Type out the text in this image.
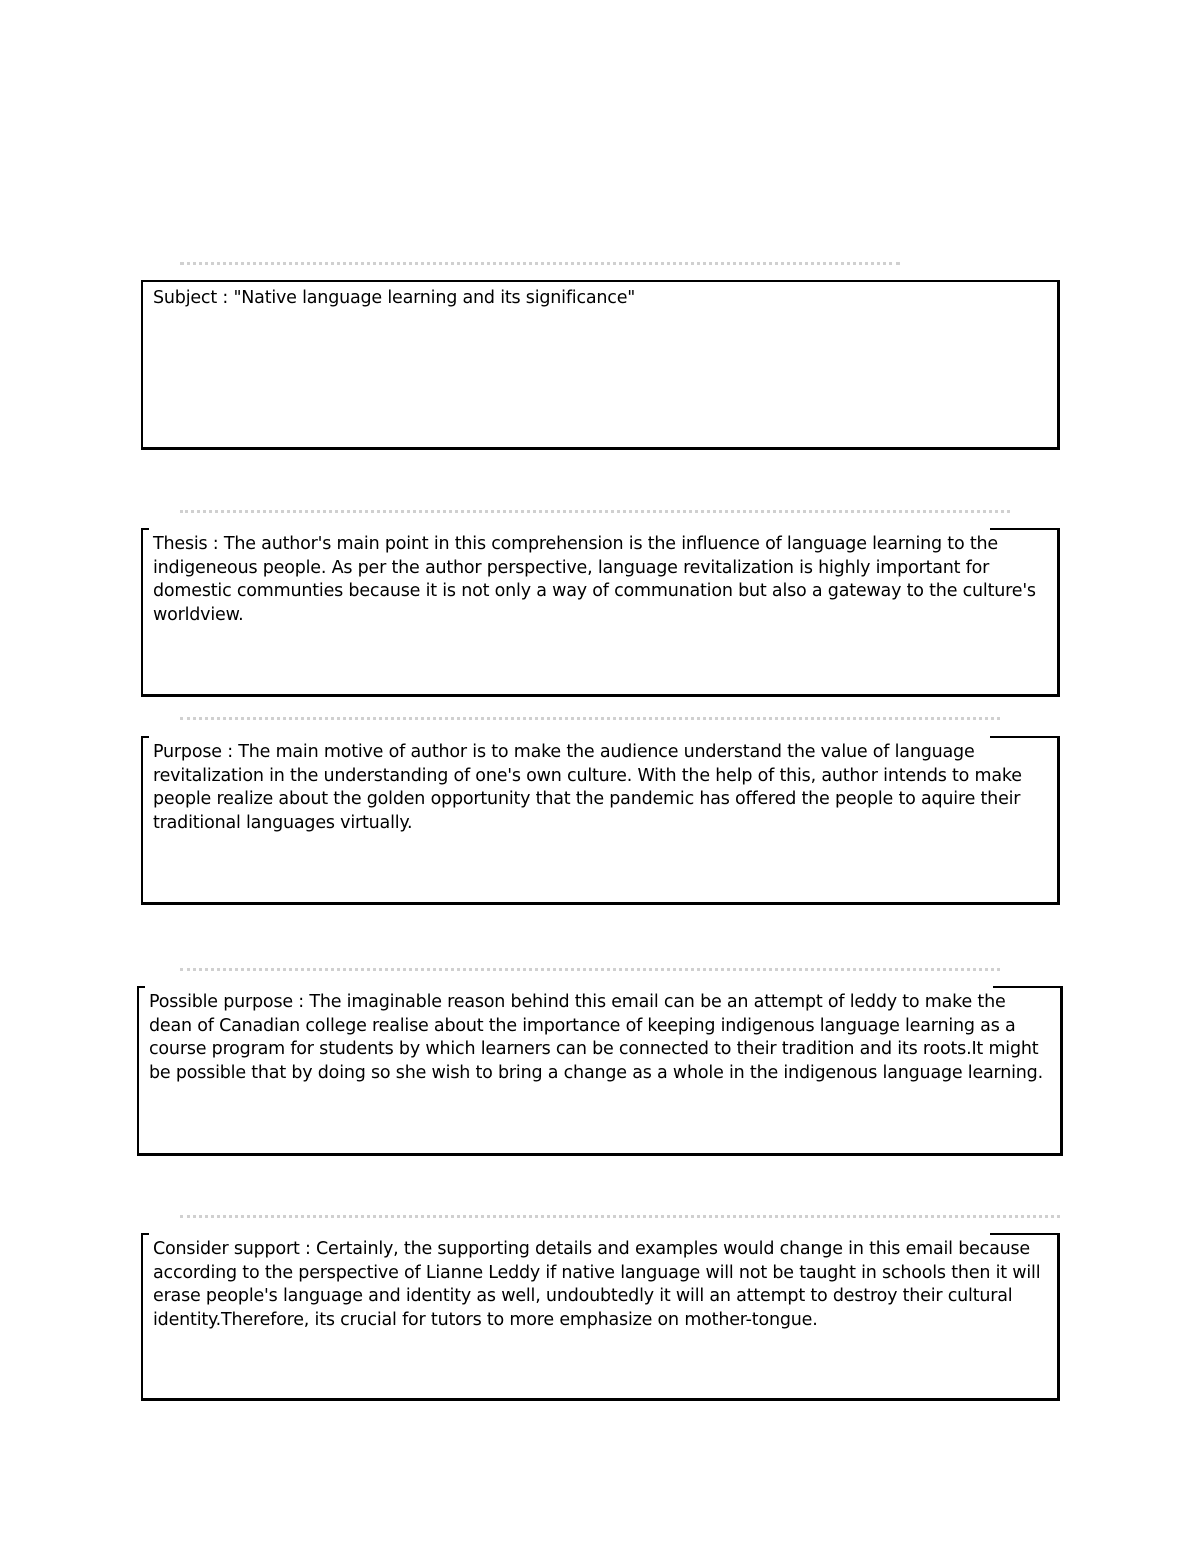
Subject : "Native language learning and its significance"
Thesis : The author's main point in this comprehension is the influence of language learning to the indigeneous people. As per the author perspective, language revitalization is highly important for domestic communties because it is not only a way of communation but also a gateway to the culture's worldview.
Purpose : The main motive of author is to make the audience understand the value of language revitalization in the understanding of one's own culture. With the help of this, author intends to make people realize about the golden opportunity that the pandemic has offered the people to aquire their traditional languages virtually.
Possible purpose : The imaginable reason behind this email can be an attempt of leddy to make the dean of Canadian college realise about the importance of keeping indigenous language learning as a course program for students by which learners can be connected to their tradition and its roots.It might be possible that by doing so she wish to bring a change as a whole in the indigenous language learning.
Consider support : Certainly, the supporting details and examples would change in this email because according to the perspective of Lianne Leddy if native language will not be taught in schools then it will erase people's language and identity as well, undoubtedly it will an attempt to destroy their cultural identity.Therefore, its crucial for tutors to more emphasize on mother-tongue.
